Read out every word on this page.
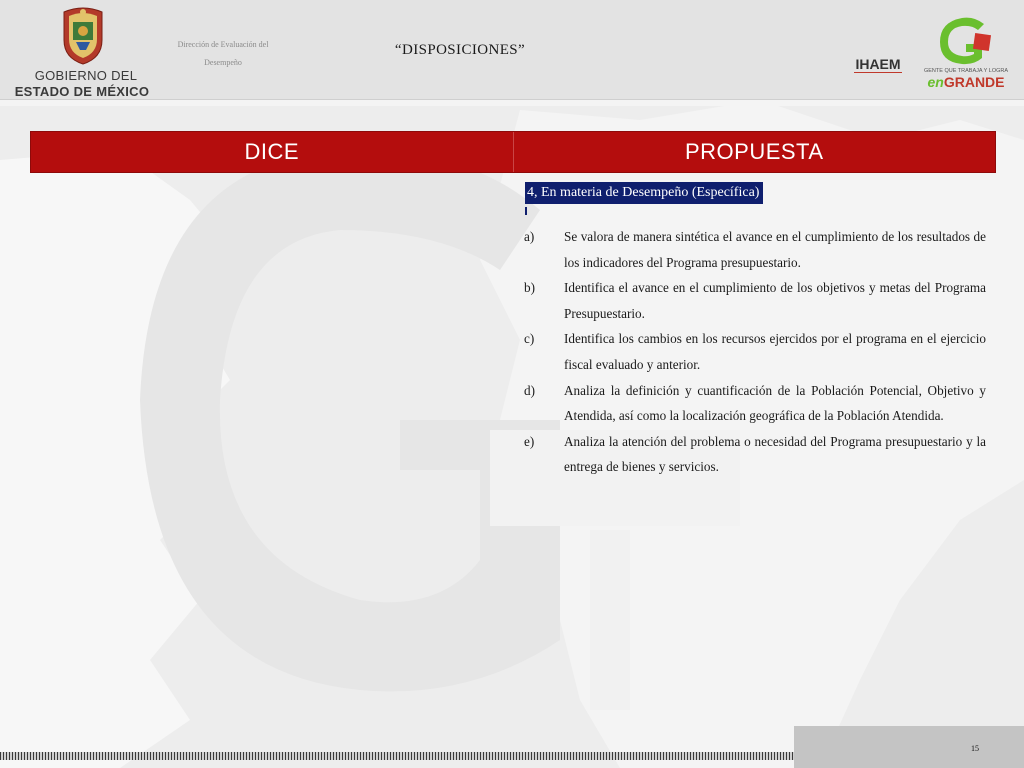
GOBIERNO DEL
ESTADO DE MÉXICO
Dirección de Evaluación del Desempeño
“DISPOSICIONES”
IHAEM	GENTE QUE TRABAJA Y LOGRA
enGRANDE
DICE	PROPUESTA
4, En materia de Desempeño (Específica)
a)	Se valora de manera sintética el avance en el cumplimiento de los resultados de los indicadores del Programa presupuestario.
b)	Identifica el avance en el cumplimiento de los objetivos y metas del Programa Presupuestario.
c)	Identifica los cambios en los recursos ejercidos por el programa en el ejercicio fiscal evaluado y anterior.
d)	Analiza la definición y cuantificación de la Población Potencial, Objetivo y Atendida, así como la localización geográfica de la Población Atendida.
e)	Analiza la atención del problema o necesidad del Programa presupuestario y la entrega de bienes y servicios.
15
